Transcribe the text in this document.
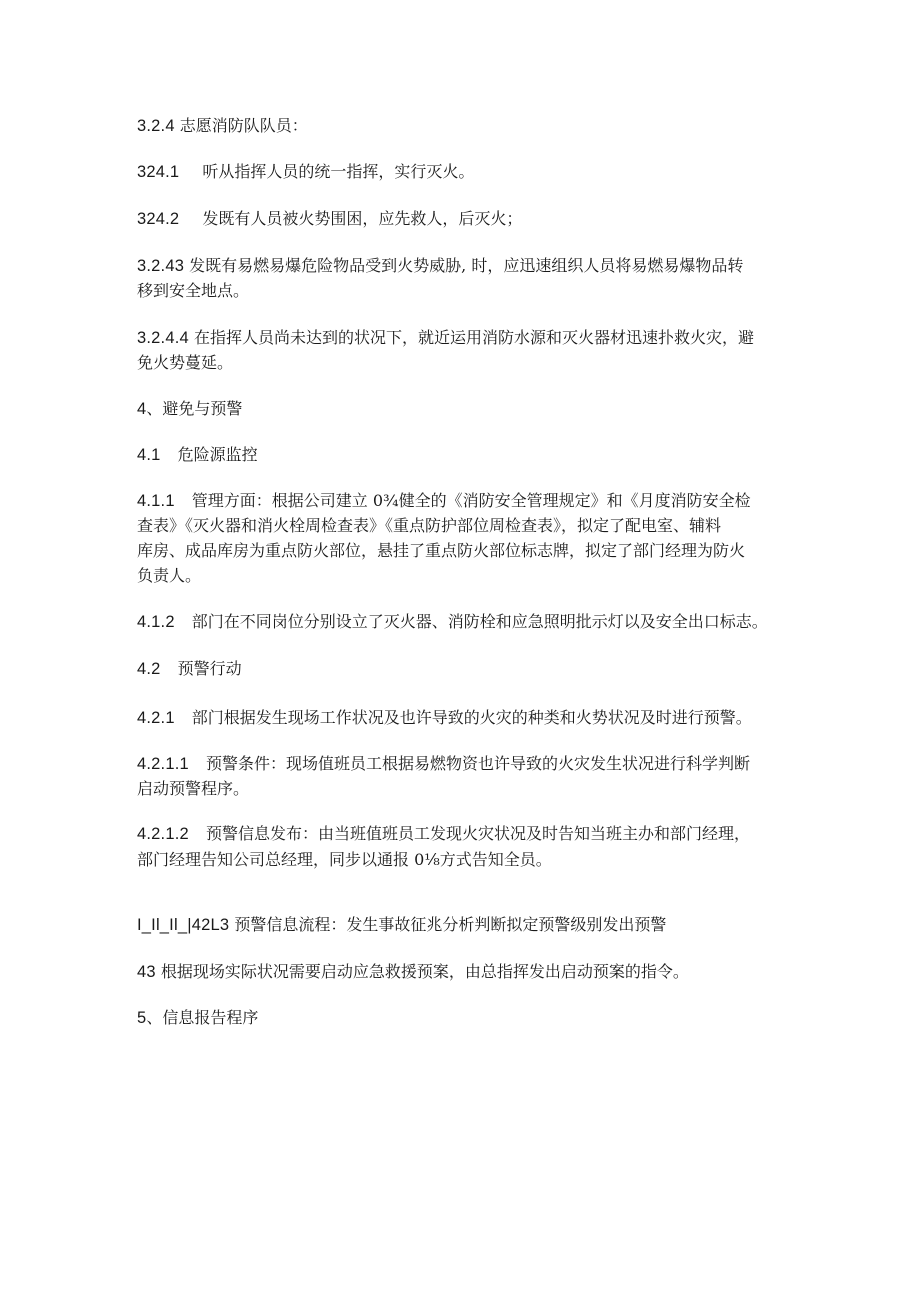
3.2.4 志愿消防队队员：
324.1 听从指挥人员的统一指挥，实行灭火。
324.2 发既有人员被火势围困，应先救人，后灭火；
3.2.43 发既有易燃易爆危险物品受到火势威胁, 时，应迅速组织人员将易燃易爆物品转
移到安全地点。
3.2.4.4 在指挥人员尚未达到的状况下，就近运用消防水源和灭火器材迅速扑救火灾，避
免火势蔓延。
4、避免与预警
4.1 危险源监控
4.1.1 管理方面：根据公司建立 0¾健全的《消防安全管理规定》和《月度消防安全检
查表》《灭火器和消火栓周检查表》《重点防护部位周检查表》，拟定了配电室、辅料
库房、成品库房为重点防火部位，悬挂了重点防火部位标志牌，拟定了部门经理为防火
负责人。
4.1.2 部门在不同岗位分别设立了灭火器、消防栓和应急照明批示灯以及安全出口标志。
4.2 预警行动
4.2.1 部门根据发生现场工作状况及也许导致的火灾的种类和火势状况及时进行预警。
4.2.1.1 预警条件：现场值班员工根据易燃物资也许导致的火灾发生状况进行科学判断
启动预警程序。
4.2.1.2 预警信息发布：由当班值班员工发现火灾状况及时告知当班主办和部门经理，
部门经理告知公司总经理，同步以通报 0⅛方式告知全员。
I_Il_Il_|42L3 预警信息流程：发生事故征兆分析判断拟定预警级别发出预警
43 根据现场实际状况需要启动应急救援预案，由总指挥发出启动预案的指令。
5、信息报告程序
